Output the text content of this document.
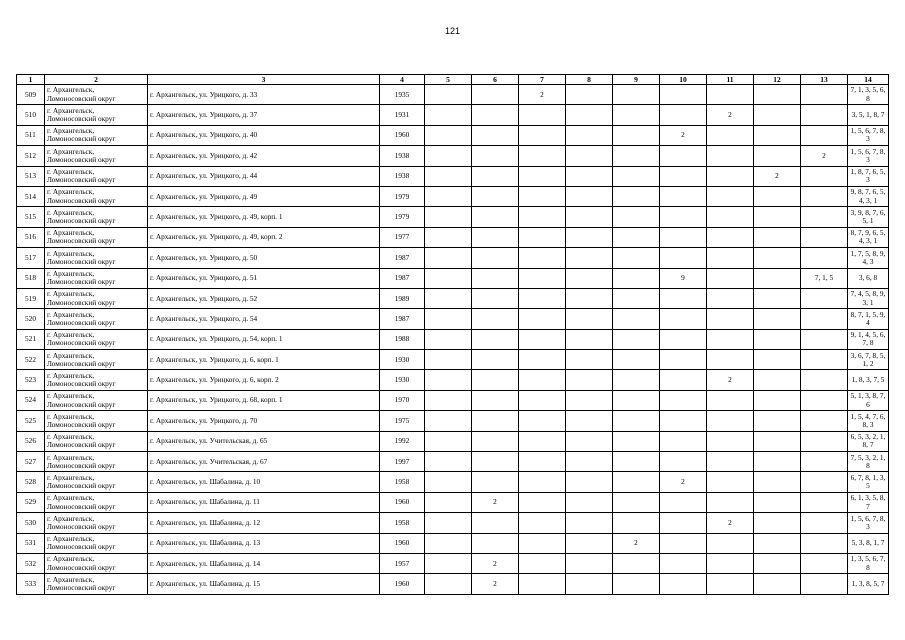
121
1	2	3	4	5	6	7	8	9	10	11	12	13	14
509	г. Архангельск, Ломоносовский округ	г. Архангельск, ул. Урицкого, д. 33	1935			2							7, 1, 3, 5, 6, 8
510	г. Архангельск, Ломоносовский округ	г. Архангельск, ул. Урицкого, д. 37	1931							2			3, 5, 1, 8, 7
511	г. Архангельск, Ломоносовский округ	г. Архангельск, ул. Урицкого, д. 40	1960						2				1, 5, 6, 7, 8, 3
512	г. Архангельск, Ломоносовский округ	г. Архангельск, ул. Урицкого, д. 42	1938									2	1, 5, 6, 7, 8, 3
513	г. Архангельск, Ломоносовский округ	г. Архангельск, ул. Урицкого, д. 44	1938								2		1, 8, 7, 6, 5, 3
514	г. Архангельск, Ломоносовский округ	г. Архангельск, ул. Урицкого, д. 49	1979										9, 8, 7, 6, 5, 4, 3, 1
515	г. Архангельск, Ломоносовский округ	г. Архангельск, ул. Урицкого, д. 49, корп. 1	1979										3, 9, 8, 7, 6, 5, 1
516	г. Архангельск, Ломоносовский округ	г. Архангельск, ул. Урицкого, д. 49, корп. 2	1977										8, 7, 9, 6, 5, 4, 3, 1
517	г. Архангельск, Ломоносовский округ	г. Архангельск, ул. Урицкого, д. 50	1987										1, 7, 5, 8, 9, 4, 3
518	г. Архангельск, Ломоносовский округ	г. Архангельск, ул. Урицкого, д. 51	1987						9			7, 1, 5	3, 6, 8
519	г. Архангельск, Ломоносовский округ	г. Архангельск, ул. Урицкого, д. 52	1989										7, 4, 5, 8, 9, 3, 1
520	г. Архангельск, Ломоносовский округ	г. Архангельск, ул. Урицкого, д. 54	1987										8, 7, 1, 5, 9, 4
521	г. Архангельск, Ломоносовский округ	г. Архангельск, ул. Урицкого, д. 54, корп. 1	1988										9, 1, 4, 5, 6, 7, 8
522	г. Архангельск, Ломоносовский округ	г. Архангельск, ул. Урицкого, д. 6, корп. 1	1930										3, 6, 7, 8, 5, 1, 2
523	г. Архангельск, Ломоносовский округ	г. Архангельск, ул. Урицкого, д. 6, корп. 2	1930							2			1, 8, 3, 7, 5
524	г. Архангельск, Ломоносовский округ	г. Архангельск, ул. Урицкого, д. 68, корп. 1	1970										5, 1, 3, 8, 7, 6
525	г. Архангельск, Ломоносовский округ	г. Архангельск, ул. Урицкого, д. 70	1975										1, 5, 4, 7, 6, 8, 3
526	г. Архангельск, Ломоносовский округ	г. Архангельск, ул. Учительская, д. 65	1992										6, 5, 3, 2, 1, 8, 7
527	г. Архангельск, Ломоносовский округ	г. Архангельск, ул. Учительская, д. 67	1997										7, 5, 3, 2, 1, 8
528	г. Архангельск, Ломоносовский округ	г. Архангельск, ул. Шабалина, д. 10	1958						2				6, 7, 8, 1, 3, 5
529	г. Архангельск, Ломоносовский округ	г. Архангельск, ул. Шабалина, д. 11	1960		2								6, 1, 3, 5, 8, 7
530	г. Архангельск, Ломоносовский округ	г. Архангельск, ул. Шабалина, д. 12	1958							2			1, 5, 6, 7, 8, 3
531	г. Архангельск, Ломоносовский округ	г. Архангельск, ул. Шабалина, д. 13	1960					2					5, 3, 8, 1, 7
532	г. Архангельск, Ломоносовский округ	г. Архангельск, ул. Шабалина, д. 14	1957		2								1, 3, 5, 6, 7, 8
533	г. Архангельск, Ломоносовский округ	г. Архангельск, ул. Шабалина, д. 15	1960		2								1, 3, 8, 5, 7
